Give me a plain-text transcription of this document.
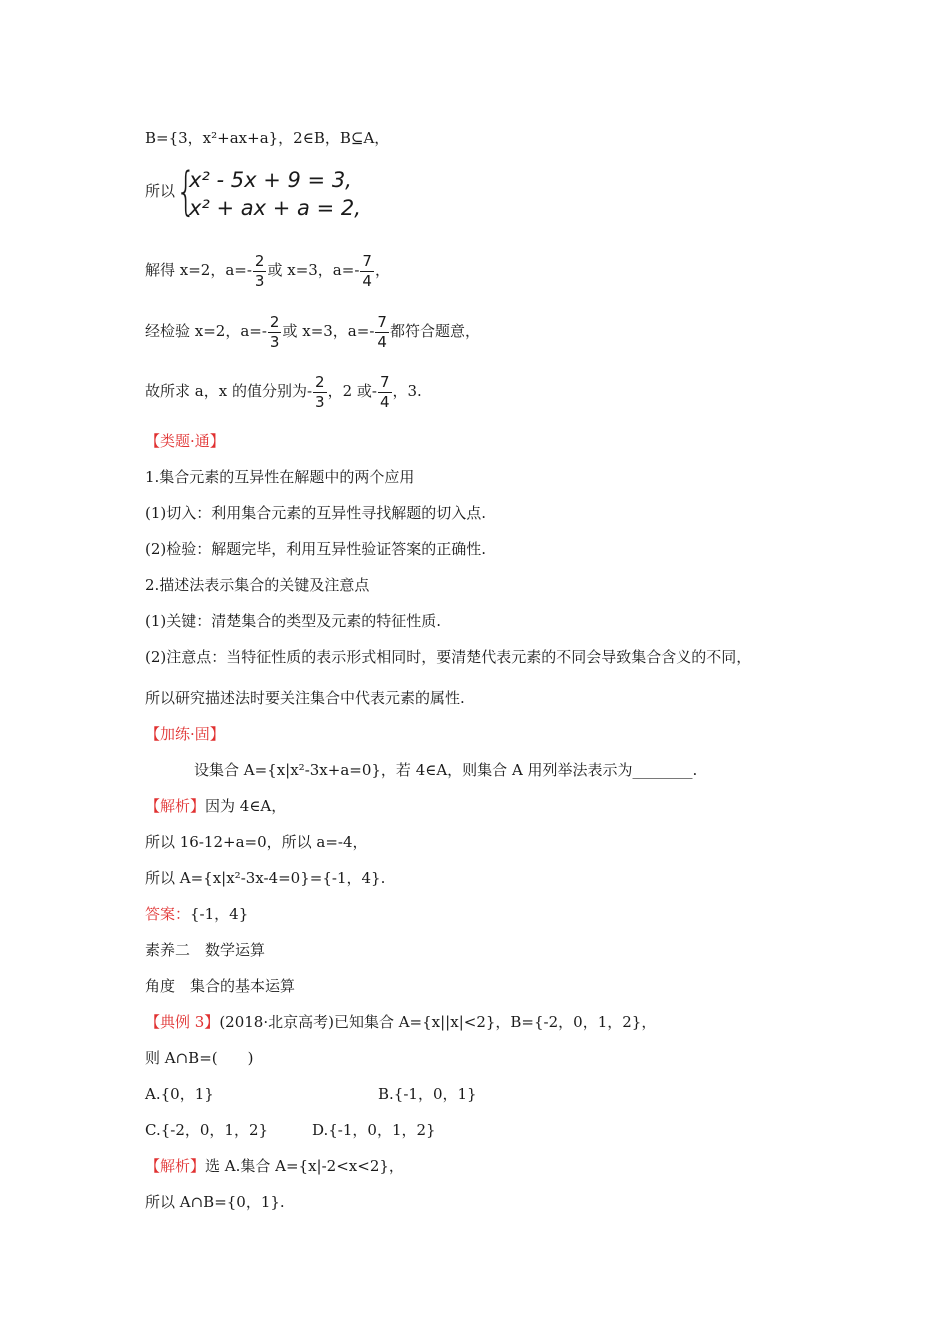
B={3，x²+ax+a}，2∈B，B⊆A，
所以 {
x² - 5x + 9 = 3,
x² + ax + a = 2,
解得 x=2，$a=- \frac{2}{3}$ 或 x=3，$a=- \frac{7}{4}$ ，
经检验 x=2，$a=- \frac{2}{3}$ 或 x=3，$a=- \frac{7}{4}$ 都符合题意，
故所求 a，x 的值分别为- $\frac{2}{3}$ ，2 或- $\frac{7}{4}$ ，3.
【类题·通】
1.集合元素的互异性在解题中的两个应用
(1)切入：利用集合元素的互异性寻找解题的切入点.
(2)检验：解题完毕，利用互异性验证答案的正确性.
2.描述法表示集合的关键及注意点
(1)关键：清楚集合的类型及元素的特征性质.
(2)注意点：当特征性质的表示形式相同时，要清楚代表元素的不同会导致集合含义的不同，
所以研究描述法时要关注集合中代表元素的属性.
【加练·固】
设集合 A={x|x²-3x+a=0}，若 4∈A，则集合 A 用列举法表示为________.
【解析】因为 4∈A，
所以 16-12+a=0，所以 a=-4，
所以 A={x|x²-3x-4=0}={-1，4}.
答案：{-1，4}
素养二　数学运算
角度　集合的基本运算
【典例 3】(2018·北京高考)已知集合 A={x||x|<2}，B={-2，0，1，2}，
则 A∩B=(　　)
A.{0，1}	B.{-1，0，1}
C.{-2，0，1，2}	D.{-1，0，1，2}
【解析】选 A.集合 A={x|-2<x<2}，
所以 A∩B={0，1}.
